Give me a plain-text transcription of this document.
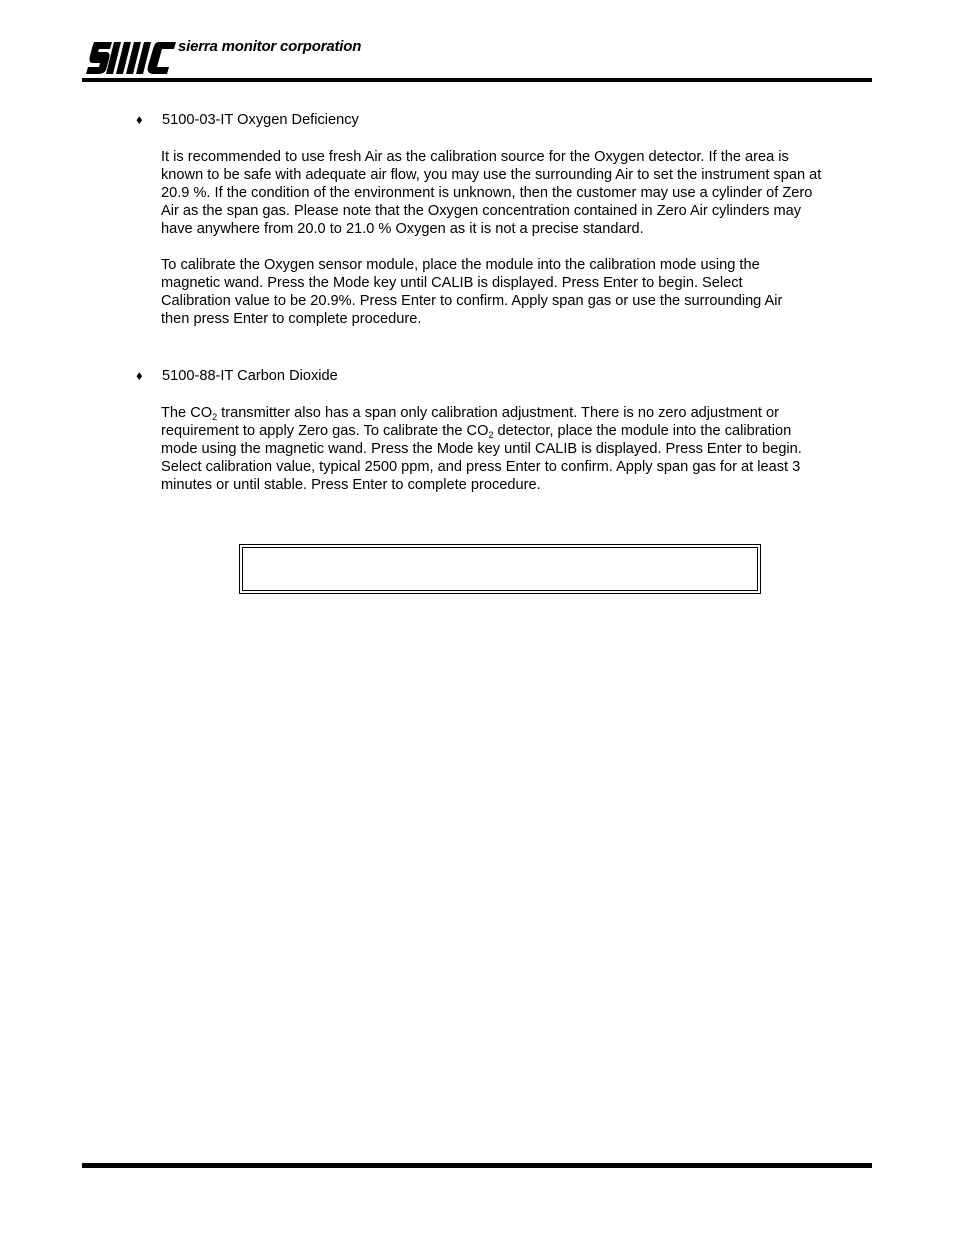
sierra monitor corporation
♦ 5100-03-IT Oxygen Deficiency
It is recommended to use fresh Air as the calibration source for the Oxygen detector. If the area is
known to be safe with adequate air flow, you may use the surrounding Air to set the instrument span at
20.9 %. If the condition of the environment is unknown, then the customer may use a cylinder of Zero
Air as the span gas. Please note that the Oxygen concentration contained in Zero Air cylinders may
have anywhere from 20.0 to 21.0 % Oxygen as it is not a precise standard.
To calibrate the Oxygen sensor module, place the module into the calibration mode using the
magnetic wand. Press the Mode key until CALIB is displayed. Press Enter to begin. Select
Calibration value to be 20.9%. Press Enter to confirm. Apply span gas or use the surrounding Air
then press Enter to complete procedure.
♦ 5100-88-IT Carbon Dioxide
The $CO_2$ transmitter also has a span only calibration adjustment. There is no zero adjustment or
requirement to apply Zero gas. To calibrate the $CO_2$ detector, place the module into the calibration
mode using the magnetic wand. Press the Mode key until CALIB is displayed. Press Enter to begin.
Select calibration value, typical 2500 ppm, and press Enter to confirm. Apply span gas for at least 3
minutes or until stable. Press Enter to complete procedure.
